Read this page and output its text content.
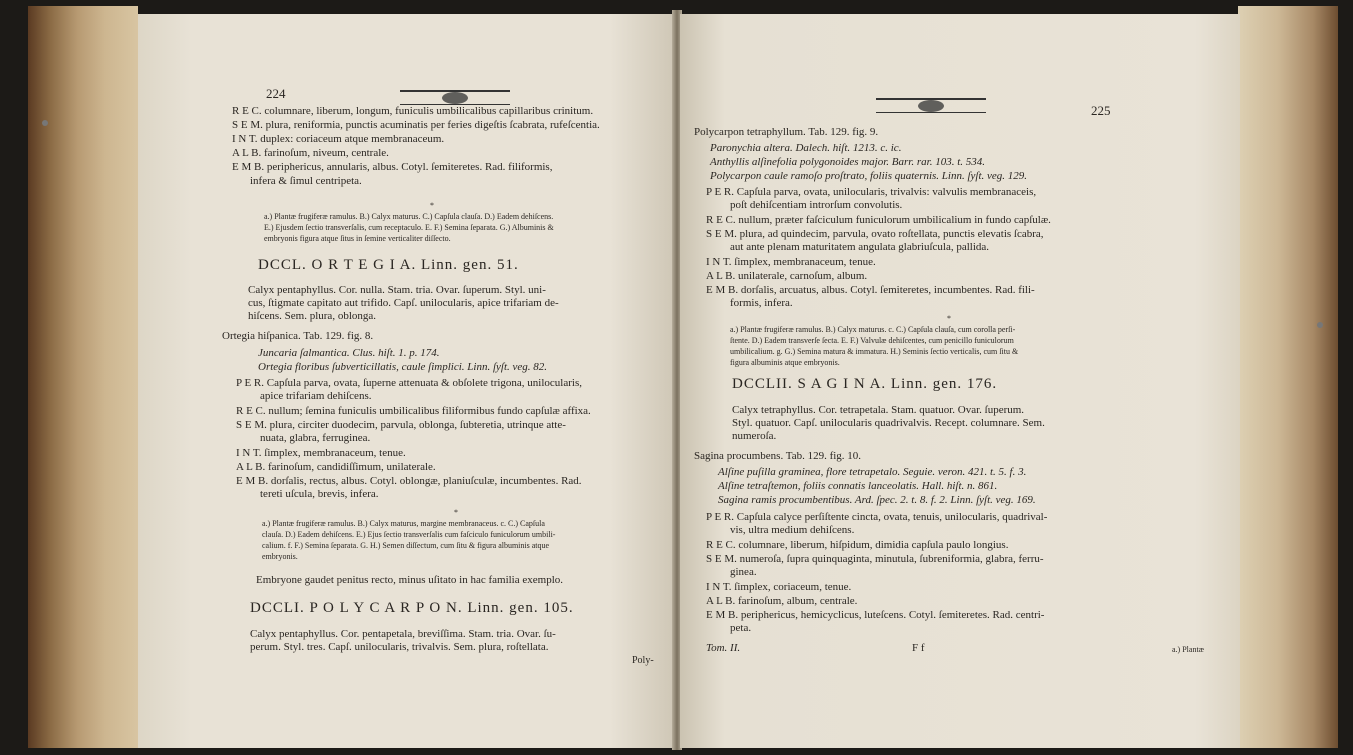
224
R E C. columnare, liberum, longum, funiculis umbilicalibus capillaribus crinitum.
S E M. plura, reniformia, punctis acuminatis per feries digeſtis ſcabrata, rufeſcentia.
I N T. duplex: coriaceum atque membranaceum.
A L B. farinoſum, niveum, centrale.
E M B. periphericus, annularis, albus. Cotyl. ſemiteretes. Rad. filiformis,
infera & ſimul centripeta.
*
a.) Plantæ frugiferæ ramulus. B.) Calyx maturus. C.) Capſula clauſa. D.) Eadem dehiſcens.
E.) Ejusdem ſectio transverſalis, cum receptaculo. E. F.) Semina ſeparata. G.) Albuminis &
embryonis figura atque ſitus in ſemine verticaliter diſſecto.
DCCL. O R T E G I A. Linn. gen. 51.
Calyx pentaphyllus. Cor. nulla. Stam. tria. Ovar. ſuperum. Styl. uni-
cus, ſtigmate capitato aut trifido. Capſ. unilocularis, apice trifariam de-
hiſcens. Sem. plura, oblonga.
Ortegia hiſpanica. Tab. 129. fig. 8.
Juncaria ſalmantica. Clus. hiſt. 1. p. 174.
Ortegia floribus ſubverticillatis, caule ſimplici. Linn. ſyſt. veg. 82.
P E R. Capſula parva, ovata, ſuperne attenuata & obſolete trigona, unilocularis,
apice trifariam dehiſcens.
R E C. nullum; ſemina funiculis umbilicalibus filiformibus fundo capſulæ affixa.
S E M. plura, circiter duodecim, parvula, oblonga, ſubteretia, utrinque atte-
nuata, glabra, ferruginea.
I N T. ſimplex, membranaceum, tenue.
A L B. farinoſum, candidiſſimum, unilaterale.
E M B. dorſalis, rectus, albus. Cotyl. oblongæ, planiuſculæ, incumbentes. Rad.
tereti uſcula, brevis, infera.
*
a.) Plantæ frugiferæ ramulus. B.) Calyx maturus, margine membranaceus. c. C.) Capſula
clauſa. D.) Eadem dehiſcens. E.) Ejus ſectio transverſalis cum faſciculo funiculorum umbili-
calium. f. F.) Semina ſeparata. G. H.) Semen diſſectum, cum ſitu & figura albuminis atque
embryonis.
Embryone gaudet penitus recto, minus uſitato in hac familia exemplo.
DCCLI. P O L Y C A R P O N. Linn. gen. 105.
Calyx pentaphyllus. Cor. pentapetala, breviſſima. Stam. tria. Ovar. ſu-
perum. Styl. tres. Capſ. unilocularis, trivalvis. Sem. plura, roſtellata.
Poly-
225
Polycarpon tetraphyllum. Tab. 129. fig. 9.
Paronychia altera. Dalech. hiſt. 1213. c. ic.
Anthyllis alſinefolia polygonoides major. Barr. rar. 103. t. 534.
Polycarpon caule ramoſo proſtrato, foliis quaternis. Linn. ſyſt. veg. 129.
P E R. Capſula parva, ovata, unilocularis, trivalvis: valvulis membranaceis,
poſt dehiſcentiam introrſum convolutis.
R E C. nullum, præter faſciculum funiculorum umbilicalium in fundo capſulæ.
S E M. plura, ad quindecim, parvula, ovato roſtellata, punctis elevatis ſcabra,
aut ante plenam maturitatem angulata glabriuſcula, pallida.
I N T. ſimplex, membranaceum, tenue.
A L B. unilaterale, carnoſum, album.
E M B. dorſalis, arcuatus, albus. Cotyl. ſemiteretes, incumbentes. Rad. fili-
formis, infera.
*
a.) Plantæ frugiferæ ramulus. B.) Calyx maturus. c. C.) Capſula clauſa, cum corolla perſi-
ſtente. D.) Eadem transverſe ſecta. E. F.) Valvulæ dehiſcentes, cum penicillo funiculorum
umbilicalium. g. G.) Semina matura & immatura. H.) Seminis ſectio verticalis, cum ſitu &
figura albuminis atque embryonis.
DCCLII. S A G I N A. Linn. gen. 176.
Calyx tetraphyllus. Cor. tetrapetala. Stam. quatuor. Ovar. ſuperum.
Styl. quatuor. Capſ. unilocularis quadrivalvis. Recept. columnare. Sem.
numeroſa.
Sagina procumbens. Tab. 129. fig. 10.
Alſine puſilla graminea, flore tetrapetalo. Seguie. veron. 421. t. 5. f. 3.
Alſine tetraſtemon, foliis connatis lanceolatis. Hall. hiſt. n. 861.
Sagina ramis procumbentibus. Ard. ſpec. 2. t. 8. f. 2. Linn. ſyſt. veg. 169.
P E R. Capſula calyce perſiſtente cincta, ovata, tenuis, unilocularis, quadrival-
vis, ultra medium dehiſcens.
R E C. columnare, liberum, hiſpidum, dimidia capſula paulo longius.
S E M. numeroſa, ſupra quinquaginta, minutula, ſubreniformia, glabra, ferru-
ginea.
I N T. ſimplex, coriaceum, tenue.
A L B. farinoſum, album, centrale.
E M B. periphericus, hemicyclicus, luteſcens. Cotyl. ſemiteretes. Rad. centri-
peta.
Tom. II.	F f	a.) Plantæ
